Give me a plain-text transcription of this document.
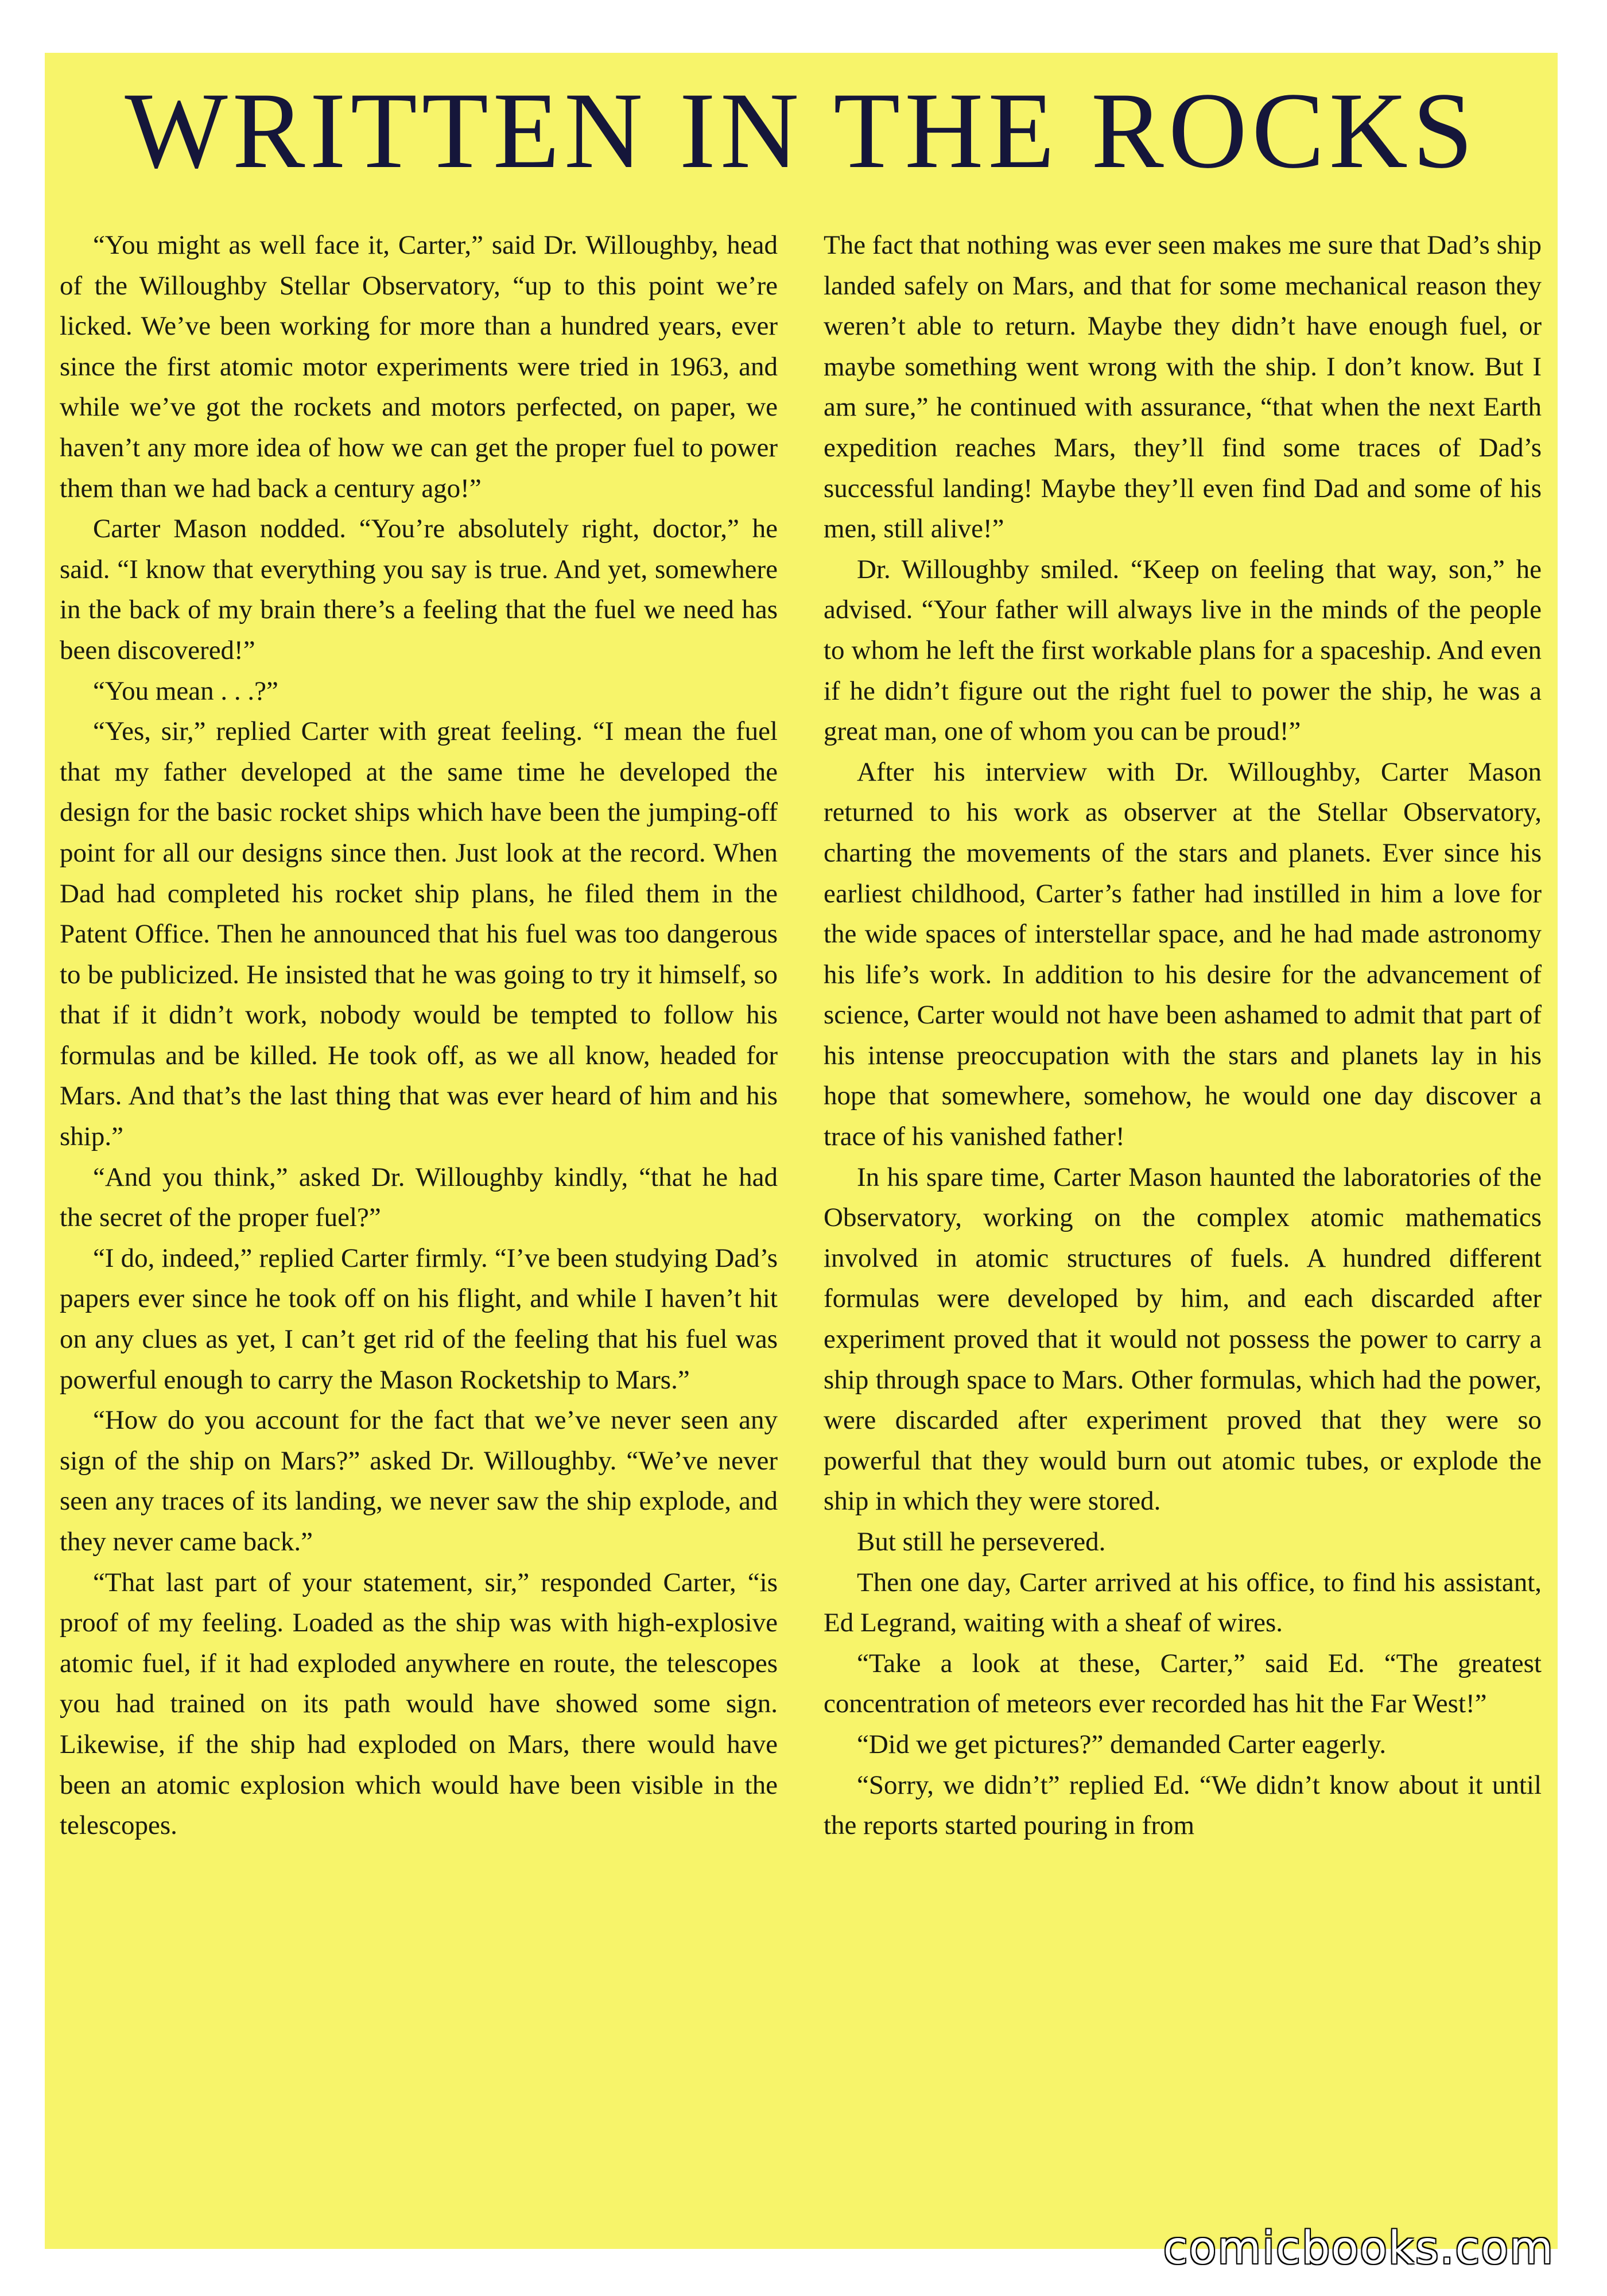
WRITTEN IN THE ROCKS

“You might as well face it, Carter,” said Dr. Willoughby, head of the Willoughby Stellar Observatory, “up to this point we’re licked. We’ve been working for more than a hundred years, ever since the first atomic motor experiments were tried in 1963, and while we’ve got the rockets and motors perfected, on paper, we haven’t any more idea of how we can get the proper fuel to power them than we had back a century ago!”

Carter Mason nodded. “You’re absolutely right, doctor,” he said. “I know that everything you say is true. And yet, somewhere in the back of my brain there’s a feeling that the fuel we need has been discovered!”

“You mean . . .?”

“Yes, sir,” replied Carter with great feeling. “I mean the fuel that my father developed at the same time he developed the design for the basic rocket ships which have been the jumping-off point for all our designs since then. Just look at the record. When Dad had completed his rocket ship plans, he filed them in the Patent Office. Then he announced that his fuel was too dangerous to be publicized. He insisted that he was going to try it himself, so that if it didn’t work, nobody would be tempted to follow his formulas and be killed. He took off, as we all know, headed for Mars. And that’s the last thing that was ever heard of him and his ship.”

“And you think,” asked Dr. Willoughby kindly, “that he had the secret of the proper fuel?”

“I do, indeed,” replied Carter firmly. “I’ve been studying Dad’s papers ever since he took off on his flight, and while I haven’t hit on any clues as yet, I can’t get rid of the feeling that his fuel was powerful enough to carry the Mason Rocketship to Mars.”

“How do you account for the fact that we’ve never seen any sign of the ship on Mars?” asked Dr. Willoughby. “We’ve never seen any traces of its landing, we never saw the ship explode, and they never came back.”

“That last part of your statement, sir,” responded Carter, “is proof of my feeling. Loaded as the ship was with high-explosive atomic fuel, if it had exploded anywhere en route, the telescopes you had trained on its path would have showed some sign. Likewise, if the ship had exploded on Mars, there would have been an atomic explosion which would have been visible in the telescopes.

The fact that nothing was ever seen makes me sure that Dad’s ship landed safely on Mars, and that for some mechanical reason they weren’t able to return. Maybe they didn’t have enough fuel, or maybe something went wrong with the ship. I don’t know. But I am sure,” he continued with assurance, “that when the next Earth expedition reaches Mars, they’ll find some traces of Dad’s successful landing! Maybe they’ll even find Dad and some of his men, still alive!”

Dr. Willoughby smiled. “Keep on feeling that way, son,” he advised. “Your father will always live in the minds of the people to whom he left the first workable plans for a spaceship. And even if he didn’t figure out the right fuel to power the ship, he was a great man, one of whom you can be proud!”

After his interview with Dr. Willoughby, Carter Mason returned to his work as observer at the Stellar Observatory, charting the movements of the stars and planets. Ever since his earliest childhood, Carter’s father had instilled in him a love for the wide spaces of interstellar space, and he had made astronomy his life’s work. In addition to his desire for the advancement of science, Carter would not have been ashamed to admit that part of his intense preoccupation with the stars and planets lay in his hope that somewhere, somehow, he would one day discover a trace of his vanished father!

In his spare time, Carter Mason haunted the laboratories of the Observatory, working on the complex atomic mathematics involved in atomic structures of fuels. A hundred different formulas were developed by him, and each discarded after experiment proved that it would not possess the power to carry a ship through space to Mars. Other formulas, which had the power, were discarded after experiment proved that they were so powerful that they would burn out atomic tubes, or explode the ship in which they were stored.

But still he persevered.

Then one day, Carter arrived at his office, to find his assistant, Ed Legrand, waiting with a sheaf of wires.

“Take a look at these, Carter,” said Ed. “The greatest concentration of meteors ever recorded has hit the Far West!”

“Did we get pictures?” demanded Carter eagerly.

“Sorry, we didn’t” replied Ed. “We didn’t know about it until the reports started pouring in from

comicbooks.com
